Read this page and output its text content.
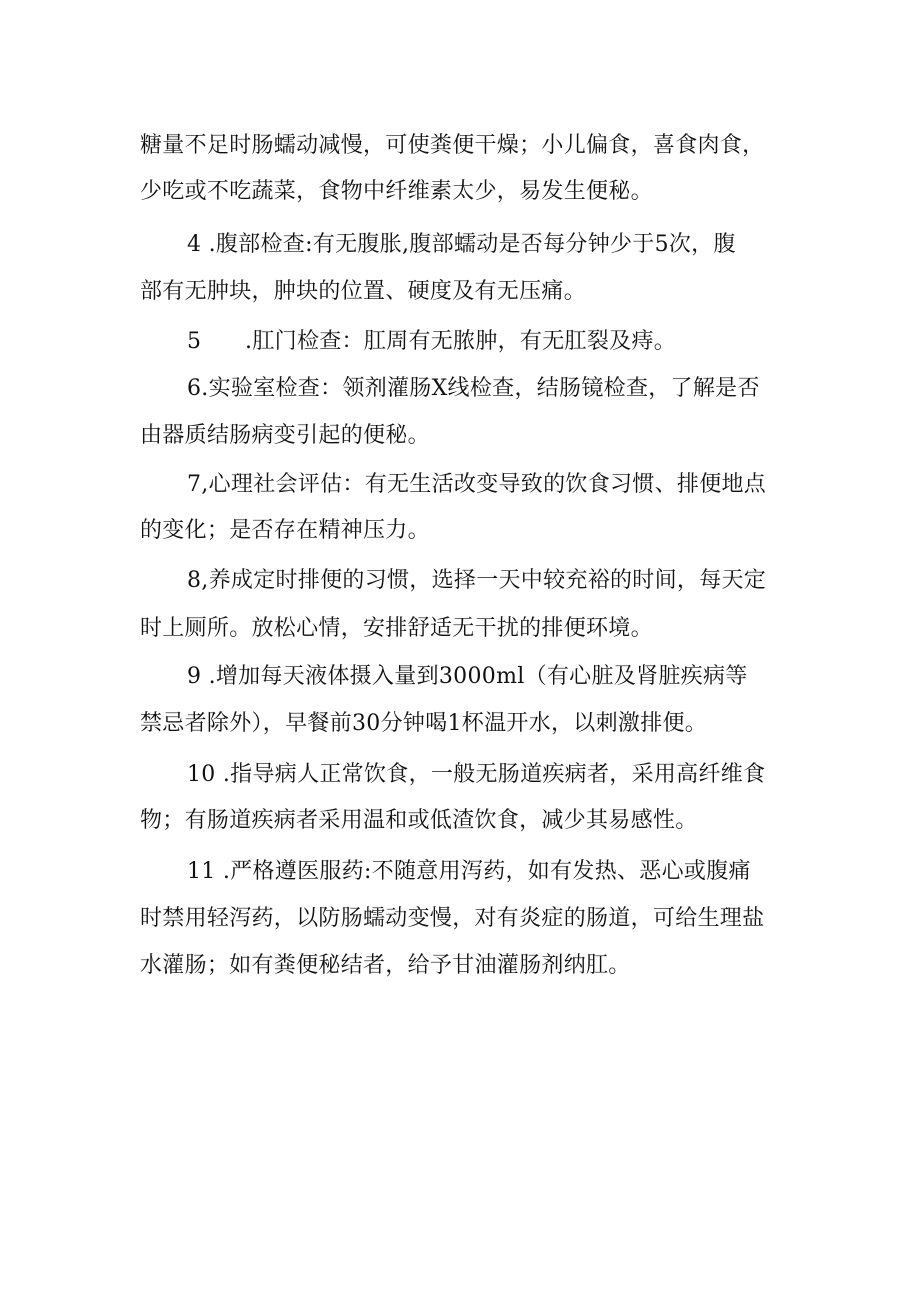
糖量不足时肠蠕动减慢，可使粪便干燥；小儿偏食，喜食肉食，
少吃或不吃蔬菜，食物中纤维素太少，易发生便秘。
4 .腹部检查:有无腹胀,腹部蠕动是否每分钟少于5次，腹
部有无肿块，肿块的位置、硬度及有无压痛。
5      .肛门检查：肛周有无脓肿，有无肛裂及痔。
6.实验室检查：领剂灌肠X线检查，结肠镜检查，了解是否
由器质结肠病变引起的便秘。
7,心理社会评估：有无生活改变导致的饮食习惯、排便地点
的变化；是否存在精神压力。
8,养成定时排便的习惯，选择一天中较充裕的时间，每天定
时上厕所。放松心情，安排舒适无干扰的排便环境。
9 .增加每天液体摄入量到3000ml（有心脏及肾脏疾病等
禁忌者除外），早餐前30分钟喝1杯温开水，以刺激排便。
10 .指导病人正常饮食，一般无肠道疾病者，采用高纤维食
物；有肠道疾病者采用温和或低渣饮食，减少其易感性。
11 .严格遵医服药:不随意用泻药，如有发热、恶心或腹痛
时禁用轻泻药，以防肠蠕动变慢，对有炎症的肠道，可给生理盐
水灌肠；如有粪便秘结者，给予甘油灌肠剂纳肛。
